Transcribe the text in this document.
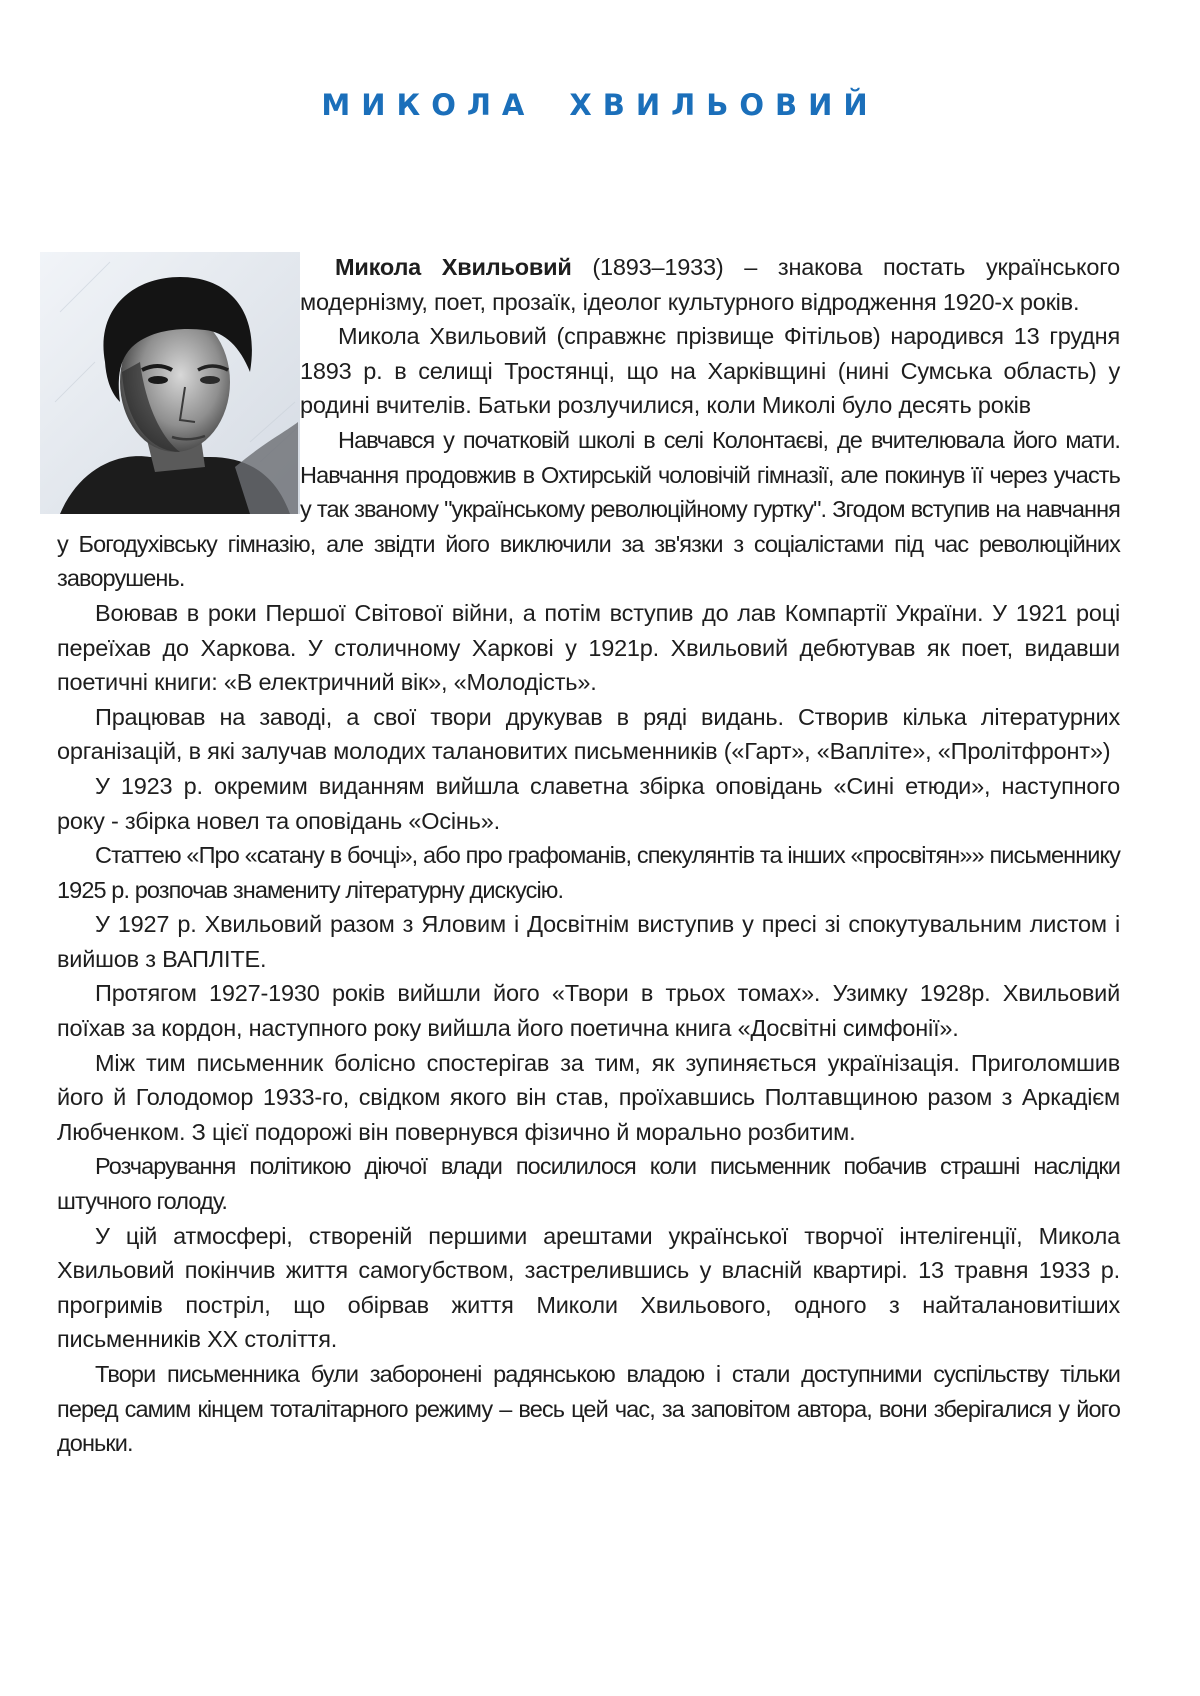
МИКОЛА ХВИЛЬОВИЙ

Микола Хвильовий (1893–1933) – знакова постать українського модернізму, поет, прозаїк, ідеолог культурного відродження 1920-х років.

Микола Хвильовий (справжнє прізвище Фітільов) народився 13 грудня 1893 р. в селищі Тростянці, що на Харківщині (нині Сумська область) у родині вчителів. Батьки розлучилися, коли Миколі було десять років

Навчався у початковій школі в селі Колонтаєві, де вчителювала його мати. Навчання продовжив в Охтирській чоловічій гімназії, але покинув її через участь у так званому "українському революційному гуртку". Згодом вступив на навчання у Богодухівську гімназію, але звідти його виключили за зв'язки з соціалістами під час революційних заворушень.

Воював в роки Першої Світової війни, а потім вступив до лав Компартії України. У 1921 році переїхав до Харкова. У столичному Харкові у 1921р. Хвильовий дебютував як поет, видавши поетичні книги: «В електричний вік», «Молодість».

Працював на заводі, а свої твори друкував в ряді видань. Створив кілька літературних організацій, в які залучав молодих талановитих письменників («Гарт», «Вапліте», «Пролітфронт»)

У 1923 р. окремим виданням вийшла славетна збірка оповідань «Сині етюди», наступного року - збірка новел та оповідань «Осінь».

Статтею «Про «сатану в бочці», або про графоманів, спекулянтів та інших «просвітян»» письменнику 1925 р. розпочав знамениту літературну дискусію.

У 1927 р. Хвильовий разом з Яловим і Досвітнім виступив у пресі зі спокутувальним листом і вийшов з ВАПЛІТЕ.

Протягом 1927-1930 років вийшли його «Твори в трьох томах». Узимку 1928р. Хвильовий поїхав за кордон, наступного року вийшла його поетична книга «Досвітні симфонії».

Між тим письменник болісно спостерігав за тим, як зупиняється українізація. Приголомшив його й Голодомор 1933-го, свідком якого він став, проїхавшись Полтавщиною разом з Аркадієм Любченком. З цієї подорожі він повернувся фізично й морально розбитим.

Розчарування політикою діючої влади посилилося коли письменник побачив страшні наслідки штучного голоду.

У цій атмосфері, створеній першими арештами української творчої інтелігенції, Микола Хвильовий покінчив життя самогубством, застрелившись у власній квартирі. 13 травня 1933 р. прогримів постріл, що обірвав життя Миколи Хвильового, одного з найталановитіших письменників XX століття.

Твори письменника були заборонені радянською владою і стали доступними суспільству тільки перед самим кінцем тоталітарного режиму – весь цей час, за заповітом автора, вони зберігалися у його доньки.
